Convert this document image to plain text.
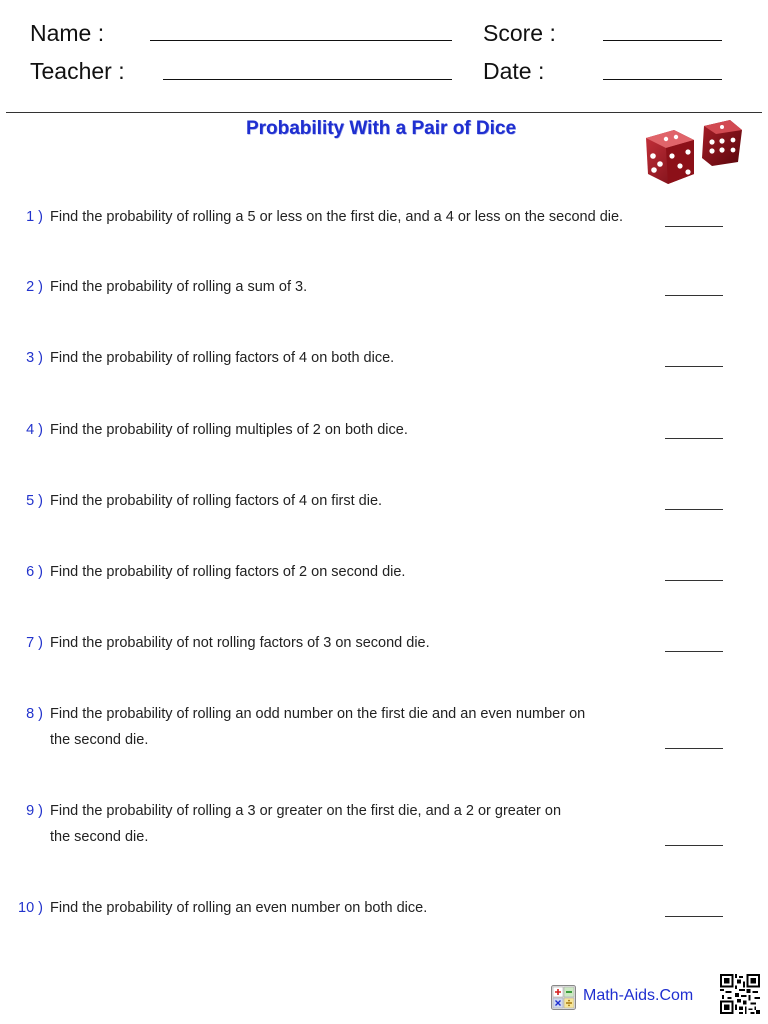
Name :
Teacher :
Score :
Date :
Probability With a Pair of Dice
1 ) Find the probability of rolling a 5 or less on the first die, and a 4 or less on the second die.
2 ) Find the probability of rolling a sum of 3.
3 ) Find the probability of rolling factors of 4 on both dice.
4 ) Find the probability of rolling multiples of 2 on both dice.
5 ) Find the probability of rolling factors of 4 on first die.
6 ) Find the probability of rolling factors of 2 on second die.
7 ) Find the probability of not rolling factors of 3 on second die.
8 ) Find the probability of rolling an odd number on the first die and an even number on the second die.
9 ) Find the probability of rolling a 3 or greater on the first die, and a 2 or greater on the second die.
10 ) Find the probability of rolling an even number on both dice.
Math-Aids.Com
